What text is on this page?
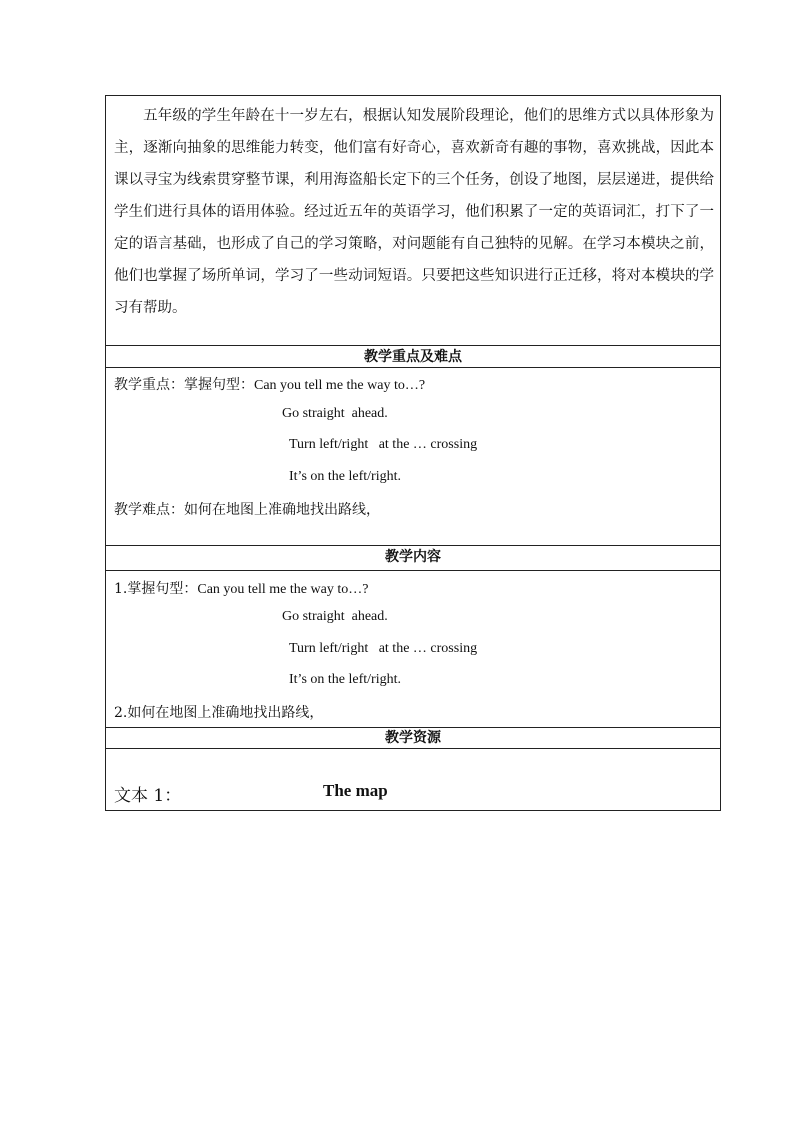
五年级的学生年龄在十一岁左右，根据认知发展阶段理论，他们的思维方式以具体形象为主，逐渐向抽象的思维能力转变，他们富有好奇心，喜欢新奇有趣的事物，喜欢挑战，因此本课以寻宝为线索贯穿整节课，利用海盗船长定下的三个任务，创设了地图，层层递进，提供给学生们进行具体的语用体验。经过近五年的英语学习，他们积累了一定的英语词汇，打下了一定的语言基础，也形成了自己的学习策略，对问题能有自己独特的见解。在学习本模块之前，他们也掌握了场所单词，学习了一些动词短语。只要把这些知识进行正迁移，将对本模块的学习有帮助。
教学重点及难点
教学重点：掌握句型：Can you tell me the way to…?
Go straight  ahead.
Turn left/right   at the … crossing
It’s on the left/right.
教学难点：如何在地图上准确地找出路线，
教学内容
1.掌握句型：Can you tell me the way to…?
Go straight  ahead.
Turn left/right   at the … crossing
It’s on the left/right.
2.如何在地图上准确地找出路线，
教学资源
文本 1：	The map
